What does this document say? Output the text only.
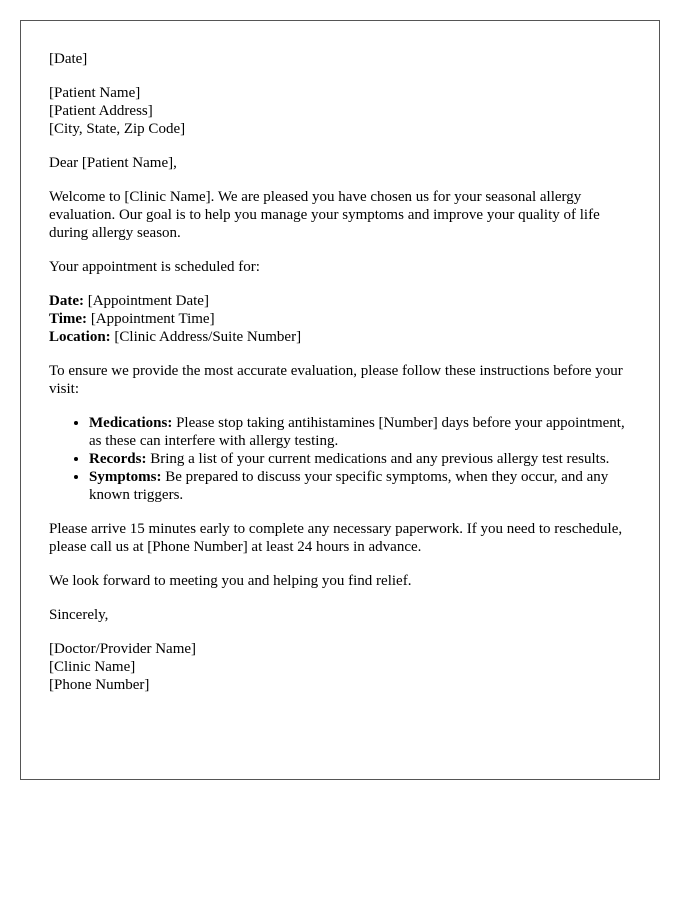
[Date]

[Patient Name]
[Patient Address]
[City, State, Zip Code]

Dear [Patient Name],

Welcome to [Clinic Name]. We are pleased you have chosen us for your seasonal allergy evaluation. Our goal is to help you manage your symptoms and improve your quality of life during allergy season.

Your appointment is scheduled for:

Date: [Appointment Date]
Time: [Appointment Time]
Location: [Clinic Address/Suite Number]

To ensure we provide the most accurate evaluation, please follow these instructions before your visit:

• Medications: Please stop taking antihistamines [Number] days before your appointment, as these can interfere with allergy testing.
• Records: Bring a list of your current medications and any previous allergy test results.
• Symptoms: Be prepared to discuss your specific symptoms, when they occur, and any known triggers.

Please arrive 15 minutes early to complete any necessary paperwork. If you need to reschedule, please call us at [Phone Number] at least 24 hours in advance.

We look forward to meeting you and helping you find relief.

Sincerely,

[Doctor/Provider Name]
[Clinic Name]
[Phone Number]
